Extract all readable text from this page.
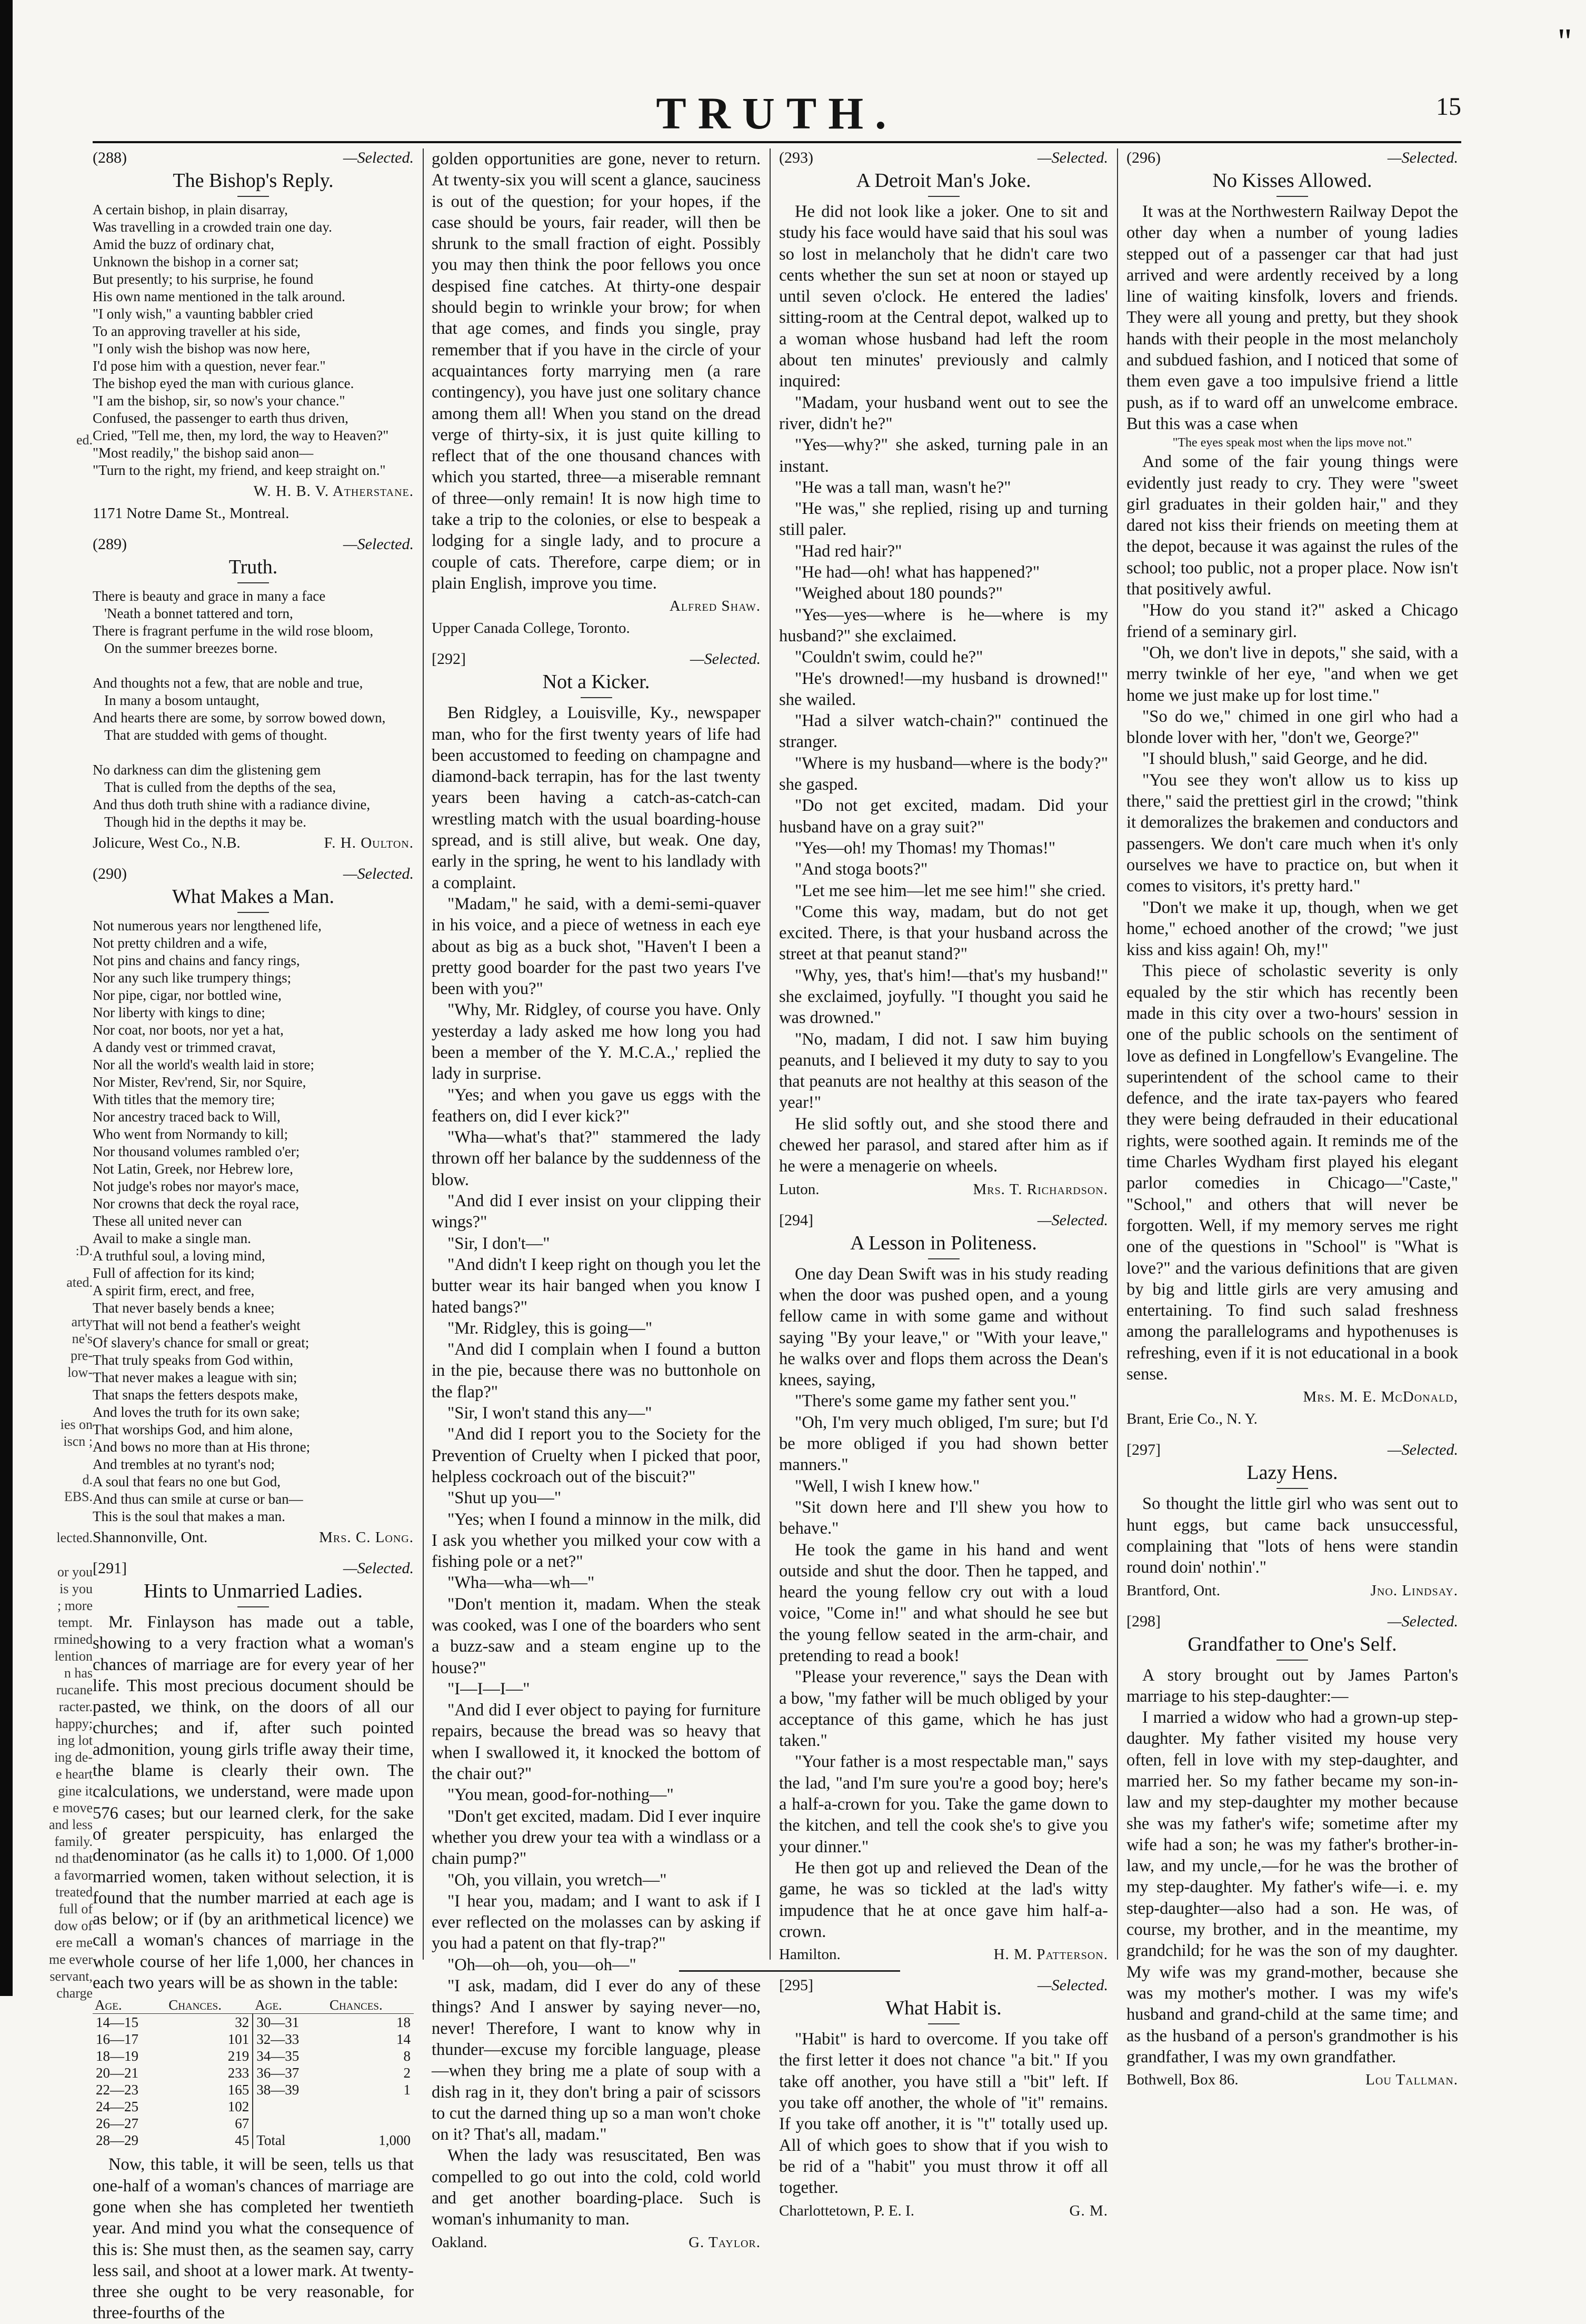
ed.
:D.
ated.
arty
ne's
pre-
low-
ies on
iscn ;
d.
EBS.
lected.
or you
is you
; more
tempt.
rmined
lention
n has
rucane
racter.
happy;
ing lot
ing de-
e heart
gine it
e move
and less
family.
nd that
a favor
treated
full of
dow of
ere me
me ever
servant,
charge
''
TRUTH.	15
(288)	—Selected.
The Bishop's Reply.
A certain bishop, in plain disarray,
Was travelling in a crowded train one day.
Amid the buzz of ordinary chat,
Unknown the bishop in a corner sat;
But presently; to his surprise, he found
His own name mentioned in the talk around.
"I only wish," a vaunting babbler cried
To an approving traveller at his side,
"I only wish the bishop was now here,
I'd pose him with a question, never fear."
The bishop eyed the man with curious glance.
"I am the bishop, sir, so now's your chance."
Confused, the passenger to earth thus driven,
Cried, "Tell me, then, my lord, the way to Heaven?"
"Most readily," the bishop said anon—
"Turn to the right, my friend, and keep straight on."
W. H. B. V. Atherstane.
1171 Notre Dame St., Montreal.
(289)	—Selected.
Truth.
There is beauty and grace in many a face
'Neath a bonnet tattered and torn,
There is fragrant perfume in the wild rose bloom,
On the summer breezes borne.

And thoughts not a few, that are noble and true,
In many a bosom untaught,
And hearts there are some, by sorrow bowed down,
That are studded with gems of thought.

No darkness can dim the glistening gem
That is culled from the depths of the sea,
And thus doth truth shine with a radiance divine,
Though hid in the depths it may be.
Jolicure, West Co., N.B.	F. H. Oulton.
(290)	—Selected.
What Makes a Man.
Not numerous years nor lengthened life,
Not pretty children and a wife,
Not pins and chains and fancy rings,
Nor any such like trumpery things;
Nor pipe, cigar, nor bottled wine,
Nor liberty with kings to dine;
Nor coat, nor boots, nor yet a hat,
A dandy vest or trimmed cravat,
Nor all the world's wealth laid in store;
Nor Mister, Rev'rend, Sir, nor Squire,
With titles that the memory tire;
Nor ancestry traced back to Will,
Who went from Normandy to kill;
Nor thousand volumes rambled o'er;
Not Latin, Greek, nor Hebrew lore,
Not judge's robes nor mayor's mace,
Nor crowns that deck the royal race,
These all united never can
Avail to make a single man.
A truthful soul, a loving mind,
Full of affection for its kind;
A spirit firm, erect, and free,
That never basely bends a knee;
That will not bend a feather's weight
Of slavery's chance for small or great;
That truly speaks from God within,
That never makes a league with sin;
That snaps the fetters despots make,
And loves the truth for its own sake;
That worships God, and him alone,
And bows no more than at His throne;
And trembles at no tyrant's nod;
A soul that fears no one but God,
And thus can smile at curse or ban—
This is the soul that makes a man.
Shannonville, Ont.	Mrs. C. Long.
[291]	—Selected.
Hints to Unmarried Ladies.

Mr. Finlayson has made out a table, showing to a very fraction what a woman's chances of marriage are for every year of her life. This most precious document should be pasted, we think, on the doors of all our churches; and if, after such pointed admonition, young girls trifle away their time, the blame is clearly their own. The calculations, we understand, were made upon 576 cases; but our learned clerk, for the sake of greater perspicuity, has enlarged the denominator (as he calls it) to 1,000. Of 1,000 married women, taken without selection, it is found that the number married at each age is as below; or if (by an arithmetical licence) we call a woman's chances of marriage in the whole course of her life 1,000, her chances in each two years will be as shown in the table:

Age.	Chances.	Age.	Chances.
14—15	32	30—31	18
16—17	101	32—33	14
18—19	219	34—35	8
20—21	233	36—37	2
22—23	165	38—39	1
24—25	102		
26—27	67		
28—29	45	Total	1,000

Now, this table, it will be seen, tells us that one-half of a woman's chances of marriage are gone when she has completed her twentieth year. And mind you what the consequence of this is: She must then, as the seamen say, carry less sail, and shoot at a lower mark. At twenty-three she ought to be very reasonable, for three-fourths of the

golden opportunities are gone, never to return. At twenty-six you will scent a glance, sauciness is out of the question; for your hopes, if the case should be yours, fair reader, will then be shrunk to the small fraction of eight. Possibly you may then think the poor fellows you once despised fine catches. At thirty-one despair should begin to wrinkle your brow; for when that age comes, and finds you single, pray remember that if you have in the circle of your acquaintances forty marrying men (a rare contingency), you have just one solitary chance among them all! When you stand on the dread verge of thirty-six, it is just quite killing to reflect that of the one thousand chances with which you started, three—a miserable remnant of three—only remain! It is now high time to take a trip to the colonies, or else to bespeak a lodging for a single lady, and to procure a couple of cats. Therefore, carpe diem; or in plain English, improve you time.

Alfred Shaw.
Upper Canada College, Toronto.
[292]	—Selected.
Not a Kicker.

Ben Ridgley, a Louisville, Ky., newspaper man, who for the first twenty years of life had been accustomed to feeding on champagne and diamond-back terrapin, has for the last twenty years been having a catch-as-catch-can wrestling match with the usual boarding-house spread, and is still alive, but weak. One day, early in the spring, he went to his landlady with a complaint.

"Madam," he said, with a demi-semi-quaver in his voice, and a piece of wetness in each eye about as big as a buck shot, "Haven't I been a pretty good boarder for the past two years I've been with you?"

"Why, Mr. Ridgley, of course you have. Only yesterday a lady asked me how long you had been a member of the Y. M.C.A.,' replied the lady in surprise.

"Yes; and when you gave us eggs with the feathers on, did I ever kick?"

"Wha—what's that?" stammered the lady thrown off her balance by the suddenness of the blow.

"And did I ever insist on your clipping their wings?"

"Sir, I don't—"

"And didn't I keep right on though you let the butter wear its hair banged when you know I hated bangs?"

"Mr. Ridgley, this is going—"

"And did I complain when I found a button in the pie, because there was no buttonhole on the flap?"

"Sir, I won't stand this any—"

"And did I report you to the Society for the Prevention of Cruelty when I picked that poor, helpless cockroach out of the biscuit?"

"Shut up you—"

"Yes; when I found a minnow in the milk, did I ask you whether you milked your cow with a fishing pole or a net?"

"Wha—wha—wh—"

"Don't mention it, madam. When the steak was cooked, was I one of the boarders who sent a buzz-saw and a steam engine up to the house?"

"I—I—I—"

"And did I ever object to paying for furniture repairs, because the bread was so heavy that when I swallowed it, it knocked the bottom of the chair out?"

"You mean, good-for-nothing—"

"Don't get excited, madam. Did I ever inquire whether you drew your tea with a windlass or a chain pump?"

"Oh, you villain, you wretch—"

"I hear you, madam; and I want to ask if I ever reflected on the molasses can by asking if you had a patent on that fly-trap?"

"Oh—oh—oh, you—oh—"

"I ask, madam, did I ever do any of these things? And I answer by saying never—no, never! Therefore, I want to know why in thunder—excuse my forcible language, please—when they bring me a plate of soup with a dish rag in it, they don't bring a pair of scissors to cut the darned thing up so a man won't choke on it? That's all, madam."

When the lady was resuscitated, Ben was compelled to go out into the cold, cold world and get another boarding-place. Such is woman's inhumanity to man.

Oakland.	G. Taylor.
(293)	—Selected.
A Detroit Man's Joke.

He did not look like a joker. One to sit and study his face would have said that his soul was so lost in melancholy that he didn't care two cents whether the sun set at noon or stayed up until seven o'clock. He entered the ladies' sitting-room at the Central depot, walked up to a woman whose husband had left the room about ten minutes' previously and calmly inquired:

"Madam, your husband went out to see the river, didn't he?"

"Yes—why?" she asked, turning pale in an instant.

"He was a tall man, wasn't he?"

"He was," she replied, rising up and turning still paler.

"Had red hair?"

"He had—oh! what has happened?"

"Weighed about 180 pounds?"

"Yes—yes—where is he—where is my husband?" she exclaimed.

"Couldn't swim, could he?"

"He's drowned!—my husband is drowned!" she wailed.

"Had a silver watch-chain?" continued the stranger.

"Where is my husband—where is the body?" she gasped.

"Do not get excited, madam. Did your husband have on a gray suit?"

"Yes—oh! my Thomas! my Thomas!"

"And stoga boots?"

"Let me see him—let me see him!" she cried.

"Come this way, madam, but do not get excited. There, is that your husband across the street at that peanut stand?"

"Why, yes, that's him!—that's my husband!" she exclaimed, joyfully. "I thought you said he was drowned."

"No, madam, I did not. I saw him buying peanuts, and I believed it my duty to say to you that peanuts are not healthy at this season of the year!"

He slid softly out, and she stood there and chewed her parasol, and stared after him as if he were a menagerie on wheels.

Luton.	Mrs. T. Richardson.
[294]	—Selected.
A Lesson in Politeness.

One day Dean Swift was in his study reading when the door was pushed open, and a young fellow came in with some game and without saying "By your leave," or "With your leave," he walks over and flops them across the Dean's knees, saying,

"There's some game my father sent you."

"Oh, I'm very much obliged, I'm sure; but I'd be more obliged if you had shown better manners."

"Well, I wish I knew how."

"Sit down here and I'll shew you how to behave."

He took the game in his hand and went outside and shut the door. Then he tapped, and heard the young fellow cry out with a loud voice, "Come in!" and what should he see but the young fellow seated in the arm-chair, and pretending to read a book!

"Please your reverence," says the Dean with a bow, "my father will be much obliged by your acceptance of this game, which he has just taken."

"Your father is a most respectable man," says the lad, "and I'm sure you're a good boy; here's a half-a-crown for you. Take the game down to the kitchen, and tell the cook she's to give you your dinner."

He then got up and relieved the Dean of the game, he was so tickled at the lad's witty impudence that he at once gave him half-a-crown.

Hamilton.	H. M. Patterson.
[295]	—Selected.
What Habit is.

"Habit" is hard to overcome. If you take off the first letter it does not chance "a bit." If you take off another, you have still a "bit" left. If you take off another, the whole of "it" remains. If you take off another, it is "t" totally used up. All of which goes to show that if you wish to be rid of a "habit" you must throw it off all together.

Charlottetown, P. E. I.	G. M.
(296)	—Selected.
No Kisses Allowed.

It was at the Northwestern Railway Depot the other day when a number of young ladies stepped out of a passenger car that had just arrived and were ardently received by a long line of waiting kinsfolk, lovers and friends. They were all young and pretty, but they shook hands with their people in the most melancholy and subdued fashion, and I noticed that some of them even gave a too impulsive friend a little push, as if to ward off an unwelcome embrace. But this was a case when

"The eyes speak most when the lips move not."

And some of the fair young things were evidently just ready to cry. They were "sweet girl graduates in their golden hair," and they dared not kiss their friends on meeting them at the depot, because it was against the rules of the school; too public, not a proper place. Now isn't that positively awful.

"How do you stand it?" asked a Chicago friend of a seminary girl.

"Oh, we don't live in depots," she said, with a merry twinkle of her eye, "and when we get home we just make up for lost time."

"So do we," chimed in one girl who had a blonde lover with her, "don't we, George?"

"I should blush," said George, and he did.

"You see they won't allow us to kiss up there," said the prettiest girl in the crowd; "think it demoralizes the brakemen and conductors and passengers. We don't care much when it's only ourselves we have to practice on, but when it comes to visitors, it's pretty hard."

"Don't we make it up, though, when we get home," echoed another of the crowd; "we just kiss and kiss again! Oh, my!"

This piece of scholastic severity is only equaled by the stir which has recently been made in this city over a two-hours' session in one of the public schools on the sentiment of love as defined in Longfellow's Evangeline. The superintendent of the school came to their defence, and the irate tax-payers who feared they were being defrauded in their educational rights, were soothed again. It reminds me of the time Charles Wydham first played his elegant parlor comedies in Chicago—"Caste," "School," and others that will never be forgotten. Well, if my memory serves me right one of the questions in "School" is "What is love?" and the various definitions that are given by big and little girls are very amusing and entertaining. To find such salad freshness among the parallelograms and hypothenuses is refreshing, even if it is not educational in a book sense.

Mrs. M. E. McDonald,
Brant, Erie Co., N. Y.
[297]	—Selected.
Lazy Hens.

So thought the little girl who was sent out to hunt eggs, but came back unsuccessful, complaining that "lots of hens were standin round doin' nothin'."

Brantford, Ont.	Jno. Lindsay.
[298]	—Selected.
Grandfather to One's Self.

A story brought out by James Parton's marriage to his step-daughter:—

I married a widow who had a grown-up step-daughter. My father visited my house very often, fell in love with my step-daughter, and married her. So my father became my son-in-law and my step-daughter my mother because she was my father's wife; sometime after my wife had a son; he was my father's brother-in-law, and my uncle,—for he was the brother of my step-daughter. My father's wife—i. e. my step-daughter—also had a son. He was, of course, my brother, and in the meantime, my grandchild; for he was the son of my daughter. My wife was my grand-mother, because she was my mother's mother. I was my wife's husband and grand-child at the same time; and as the husband of a person's grandmother is his grandfather, I was my own grandfather.

Bothwell, Box 86.	Lou Tallman.
